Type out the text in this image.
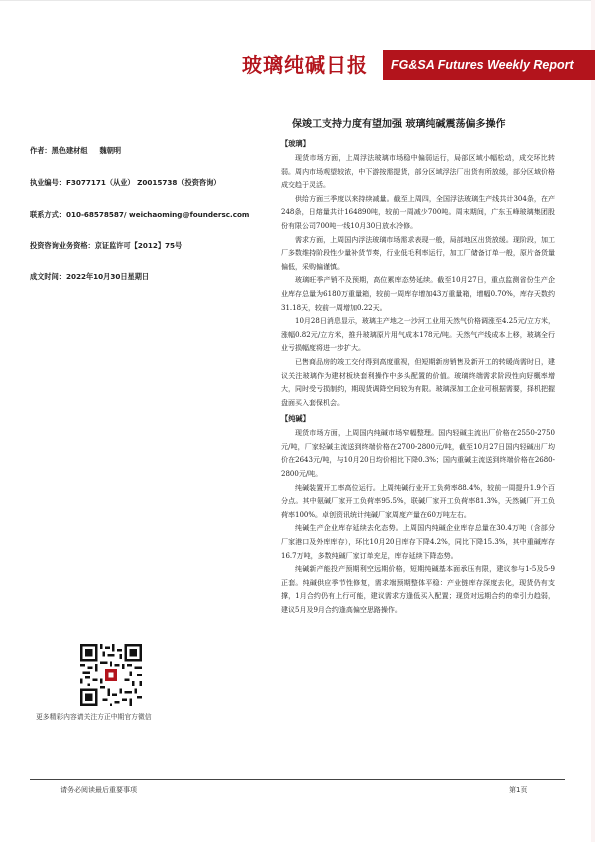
玻璃纯碱日报 FG&SA Futures Weekly Report
保竣工支持力度有望加强 玻璃纯碱震荡偏多操作
作者：黑色建材组 魏朝明
执业编号：F3077171（从业） Z0015738（投资咨询）
联系方式：010-68578587/ weichaoming@foundersc.com
投资咨询业务资格：京证监许可【2012】75号
成文时间：2022年10月30日星期日
更多精彩内容请关注方正中期官方微信
【玻璃】

现货市场方面，上周浮法玻璃市场稳中偏弱运行，局部区域小幅松动，成交环比转弱。周内市场观望较浓，中下游按需提货，部分区域浮法厂出货有所放缓，部分区域价格成交趋于灵活。

供给方面三季度以来持续减量。截至上周四，全国浮法玻璃生产线共计304条，在产248条，日熔量共计164890吨，较前一周减少700吨。周末期间，广东玉峰玻璃集团股份有限公司700吨一线10月30日放水冷修。

需求方面，上周国内浮法玻璃市场需求表现一般，局部地区出货放缓。现阶段，加工厂多数维持阶段性少量补货节奏，行业低毛利率运行，加工厂储备订单一般，原片备货量偏低，采购偏谨慎。

玻璃旺季产销不及预期，高位累库态势延续。截至10月27日，重点监测省份生产企业库存总量为6180万重量箱，较前一周库存增加43万重量箱，增幅0.70%，库存天数约31.18天，较前一周增加0.22天。

10月28日消息显示，玻璃主产地之一沙河工业用天然气价格调涨至4.25元/立方米，涨幅0.82元/立方米，推升玻璃原片用气成本178元/吨。天然气产线成本上移，玻璃全行业亏损幅度将进一步扩大。

已售商品房的竣工交付得到高度重视，但短期新房销售及新开工的转暖尚需时日，建议关注玻璃作为建材板块套利操作中多头配置的价值。玻璃终端需求阶段性向好概率增大，同时受亏损制约，期现货调降空间较为有限。玻璃深加工企业可根据需要，择机把握盘面买入套保机会。

【纯碱】

现货市场方面，上周国内纯碱市场窄幅整理。国内轻碱主流出厂价格在2550-2750元/吨，厂家轻碱主流送到终端价格在2700-2800元/吨，截至10月27日国内轻碱出厂均价在2643元/吨，与10月20日均价相比下降0.3%；国内重碱主流送到终端价格在2680-2800元/吨。

纯碱装置开工率高位运行。上周纯碱行业开工负荷率88.4%，较前一周提升1.9个百分点。其中氨碱厂家开工负荷率95.5%，联碱厂家开工负荷率81.3%，天然碱厂开工负荷率100%。卓创资讯统计纯碱厂家周度产量在60万吨左右。

纯碱生产企业库存延续去化态势。上周国内纯碱企业库存总量在30.4万吨（含部分厂家港口及外库库存），环比10月20日库存下降4.2%，同比下降15.3%，其中重碱库存16.7万吨，多数纯碱厂家订单充足，库存延续下降态势。

纯碱新产能投产预期利空远期价格，短期纯碱基本面承压有限，建议参与1-5及5-9正套。纯碱供应季节性修复，需求端预期整体平稳：产业链库存深度去化，现货仍有支撑，1月合约仍有上行可能，建议需求方逢低买入配置；现货对远期合约的牵引力趋弱，建议5月及9月合约逢高偏空思路操作。

请务必阅读最后重要事项	第1页
